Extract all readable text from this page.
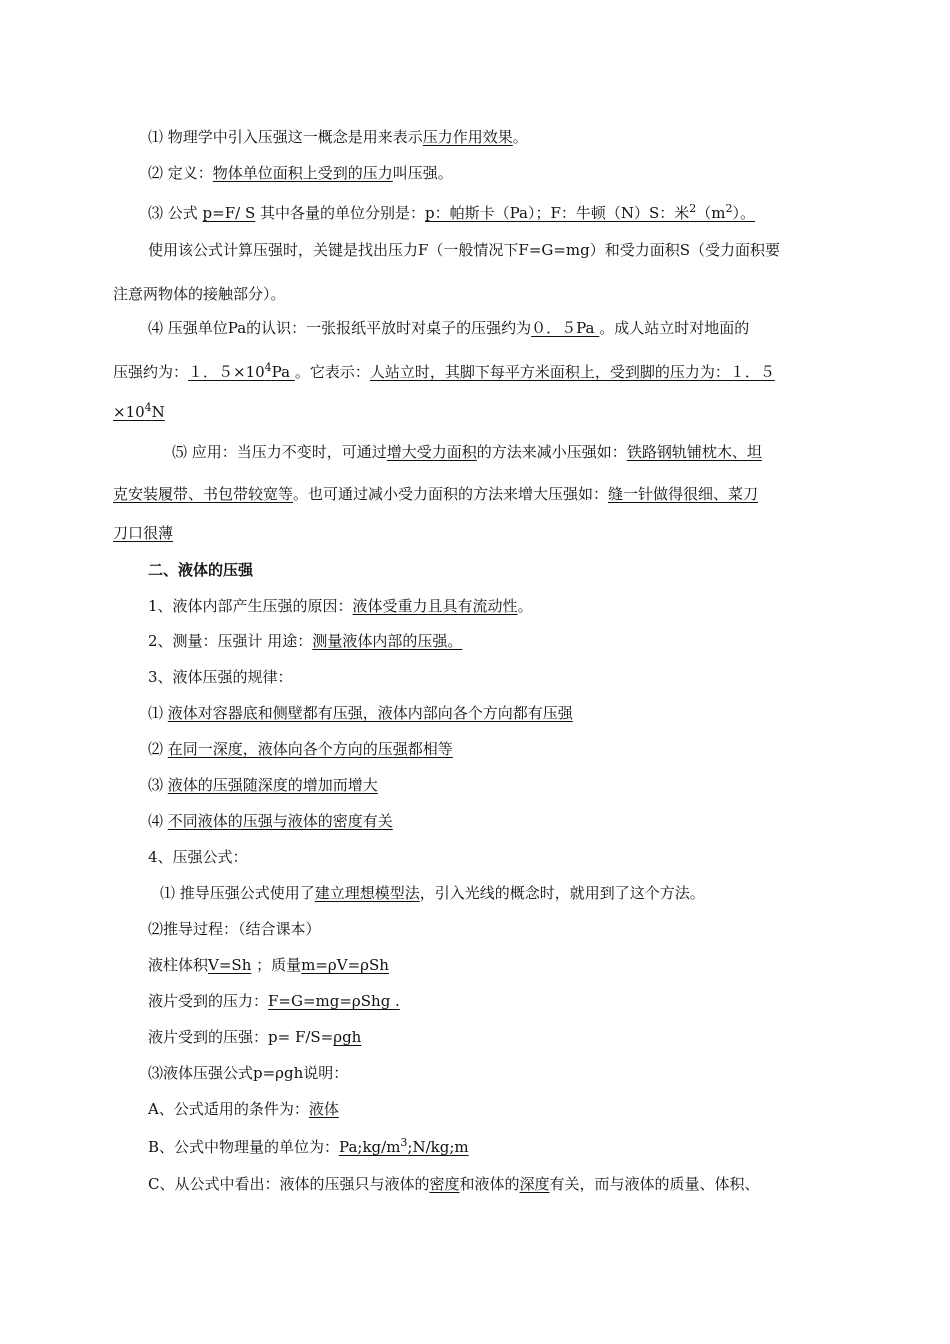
⑴ 物理学中引入压强这一概念是用来表示压力作用效果。
⑵ 定义：物体单位面积上受到的压力叫压强。
⑶ 公式 p=F/ S 其中各量的单位分别是：p：帕斯卡（Pa）；F：牛顿（N）S：米$^2(m^2)$。
使用该公式计算压强时，关键是找出压力F（一般情况下F=G=mg）和受力面积S（受力面积要
注意两物体的接触部分）。
⑷ 压强单位Pa的认识：一张报纸平放时对桌子的压强约为０．５Pa 。成人站立时对地面的
压强约为：１．$5\times 10^4Pa$ 。它表示：人站立时，其脚下每平方米面积上，受到脚的压力为：１．５
$\times 10^4N$
⑸ 应用：当压力不变时，可通过增大受力面积的方法来减小压强如：铁路钢轨铺枕木、坦
克安装履带、书包带较宽等。也可通过减小受力面积的方法来增大压强如：缝一针做得很细、菜刀
刀口很薄
二、液体的压强
1、液体内部产生压强的原因：液体受重力且具有流动性。
2、测量：压强计 用途：测量液体内部的压强。
3、液体压强的规律：
⑴ 液体对容器底和侧壁都有压强，液体内部向各个方向都有压强
⑵ 在同一深度，液体向各个方向的压强都相等
⑶ 液体的压强随深度的增加而增大
⑷ 不同液体的压强与液体的密度有关
4、压强公式：
⑴ 推导压强公式使用了建立理想模型法，引入光线的概念时，就用到了这个方法。
⑵推导过程：（结合课本）
液柱体积V=Sh ；质量m=ρV=ρSh
液片受到的压力：F=G=mg=ρShg .
液片受到的压强：p= F/S=ρgh
⑶液体压强公式p=ρgh说明：
A、公式适用的条件为：液体
B、公式中物理量的单位为：$Pa;kg/m^3;N/kg;m$
C、从公式中看出：液体的压强只与液体的密度和液体的深度有关，而与液体的质量、体积、
